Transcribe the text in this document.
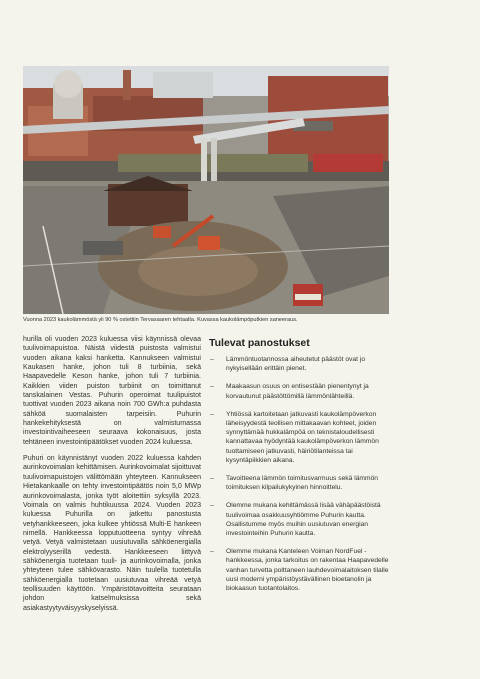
Vuonna 2023 kaukolämmöstä yli 90 % ostettiin Tervasaaren tehtaalta. Kuvassa kaukolämpöputkien saneeraus.

hurilla oli vuoden 2023 kuluessa viisi käynnissä olevaa tuulivoimapuistoa. Näistä viidestä puistosta valmistui vuoden aikana kaksi hanketta. Kannukseen valmistui Kaukasen hanke, johon tuli 8 turbiinia, sekä Haapavedelle Keson hanke, johon tuli 7 turbiinia. Kaikkien viiden puiston turbiinit on toimittanut tanskalainen Vestas. Puhurin operoimat tuulipuistot tuottivat vuoden 2023 aikana noin 700 GWh:a puhdasta sähköä suomalaisten tarpeisiin. Puhurin hankekehityksestä on valmistumassa investointivaiheeseen seuraava kokonaisuus, josta tehtäneen investointipäätökset vuoden 2024 kuluessa.

Puhuri on käynnistänyt vuoden 2022 kuluessa kahden aurinkovoimalan kehittämisen. Aurinkovoimalat sijoittuvat tuulivoimapuistojen välittömään yhteyteen. Kannukseen Hietakankaalle on tehty investointipäätös noin 5,0 MWp aurinkovoimalasta, jonka työt aloitettiin syksyllä 2023. Voimala on valmis huhtikuussa 2024. Vuoden 2023 kuluessa Puhurilla on jatkettu panostusta vetyhankkeeseen, joka kulkee yhtiössä Multi-E hankeen nimellä. Hankkeessa lopputuotteena syntyy vihreää vetyä. Vetyä valmistetaan uusiutuvalla sähköenergialla elektrolyyserillä vedestä. Hankkeeseen liittyvä sähköenergia tuotetaan tuuli- ja aurinkovoimalla, jonka yhteyteen tulee sähkövarasto. Näin tuulella tuotetulla sähköenergialla tuotetaan uusiutuvaa vihreää vetyä teollisuuden käyttöön. Ympäristötavoitteita seurataan johdon katselmuksissa sekä asiakastyytyväisyyskyselyissä.

Tulevat panostukset
– Lämmöntuotannossa aiheutetut päästöt ovat jo nykyisellään erittäin pienet.
– Maakaasun osuus on entisestään pienentynyt ja korvautunut päästöttömillä lämmönlähteillä.
– Yhtiössä kartoitetaan jatkuvasti kaukolämpöverkon läheisyydestä teollisen mittakaavan kohteet, joiden synnyttämää hukkalämpöä on teknistaloudellisesti kannattavaa hyödyntää kaukolämpöverkon lämmön tuottamiseen jatkuvasti, häiriötilanteissa tai kysyntäpiikkien aikana.
– Tavoitteena lämmön toimitusvarmuus sekä lämmön toimituksen kilpailukykyinen hinnoittelu.
– Olemme mukana kehittämässä lisää vähäpäästöistä tuulivoimaa osakkuusyhtiömme Puhurin kautta. Osallistumme myös muihin uusiutuvan energian investointeihin Puhurin kautta.
– Olemme mukana Kanteleen Voiman NordFuel -hankkeessa, jonka tarkoitus on rakentaa Haapavedelle vanhan turvetta polttaneen lauhdevoimalaitoksen tilalle uusi moderni ympäristöystävällinen bioetanolin ja biokaasun tuotantolaitos.
